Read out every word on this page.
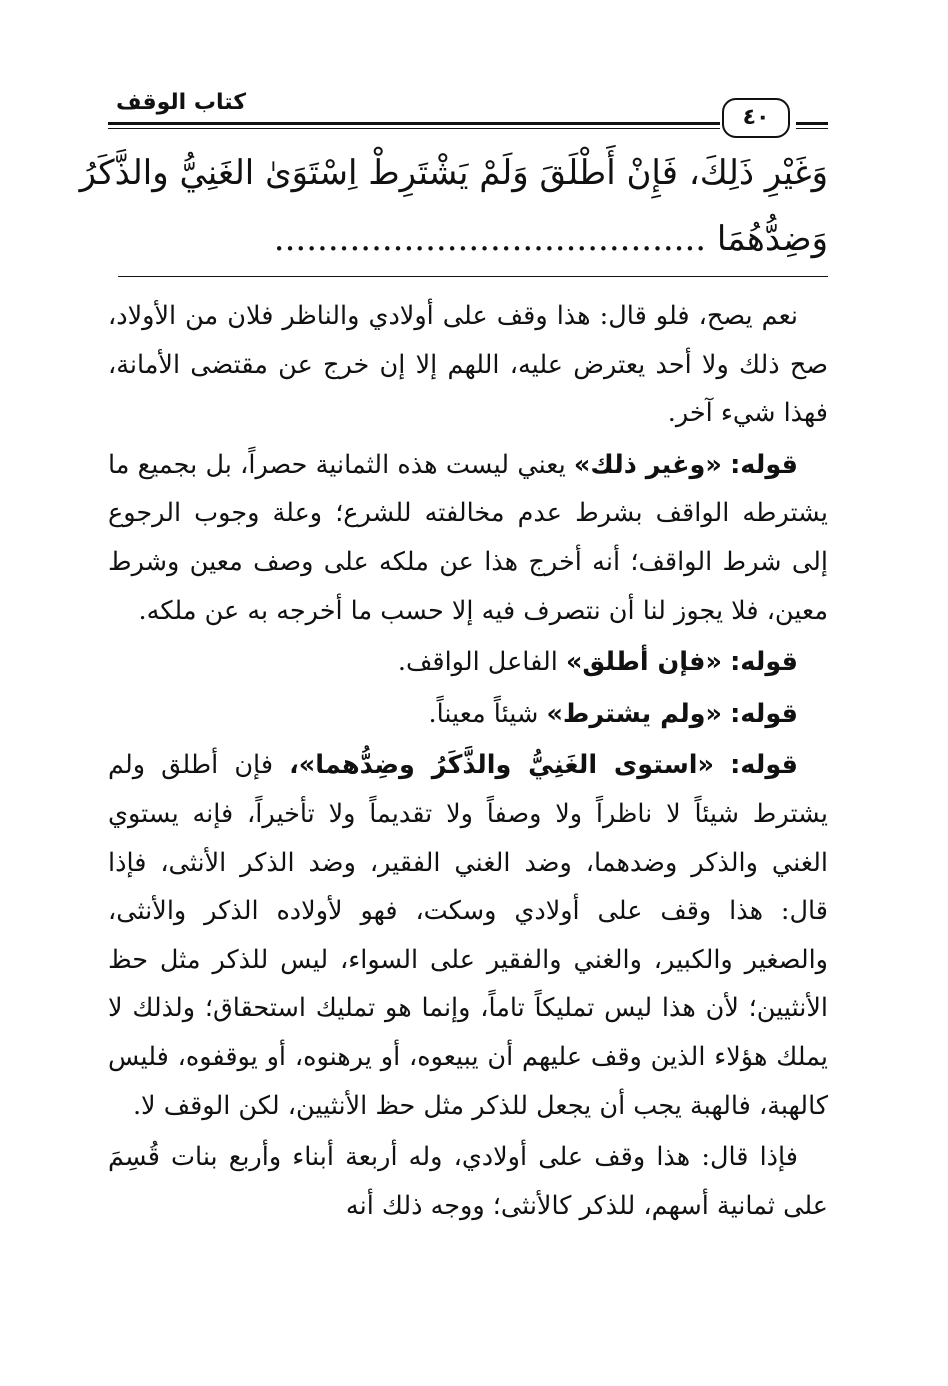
كتاب الوقف
٤٠
وَغَيْرِ ذَلِكَ، فَإِنْ أَطْلَقَ وَلَمْ يَشْتَرِطْ اِسْتَوَىٰ الغَنِيُّ والذَّكَرُ
وَضِدُّهُمَا ........................................

نعم يصح، فلو قال: هذا وقف على أولادي والناظر فلان من الأولاد، صح ذلك ولا أحد يعترض عليه، اللهم إلا إن خرج عن مقتضى الأمانة، فهذا شيء آخر.

قوله: «وغير ذلك» يعني ليست هذه الثمانية حصراً، بل بجميع ما يشترطه الواقف بشرط عدم مخالفته للشرع؛ وعلة وجوب الرجوع إلى شرط الواقف؛ أنه أخرج هذا عن ملكه على وصف معين وشرط معين، فلا يجوز لنا أن نتصرف فيه إلا حسب ما أخرجه به عن ملكه.

قوله: «فإن أطلق» الفاعل الواقف.

قوله: «ولم يشترط» شيئاً معيناً.

قوله: «استوى الغَنِيُّ والذَّكَرُ وضِدُّهما»، فإن أطلق ولم يشترط شيئاً لا ناظراً ولا وصفاً ولا تقديماً ولا تأخيراً، فإنه يستوي الغني والذكر وضدهما، وضد الغني الفقير، وضد الذكر الأنثى، فإذا قال: هذا وقف على أولادي وسكت، فهو لأولاده الذكر والأنثى، والصغير والكبير، والغني والفقير على السواء، ليس للذكر مثل حظ الأنثيين؛ لأن هذا ليس تمليكاً تاماً، وإنما هو تمليك استحقاق؛ ولذلك لا يملك هؤلاء الذين وقف عليهم أن يبيعوه، أو يرهنوه، أو يوقفوه، فليس كالهبة، فالهبة يجب أن يجعل للذكر مثل حظ الأنثيين، لكن الوقف لا.

فإذا قال: هذا وقف على أولادي، وله أربعة أبناء وأربع بنات قُسِمَ على ثمانية أسهم، للذكر كالأنثى؛ ووجه ذلك أنه
